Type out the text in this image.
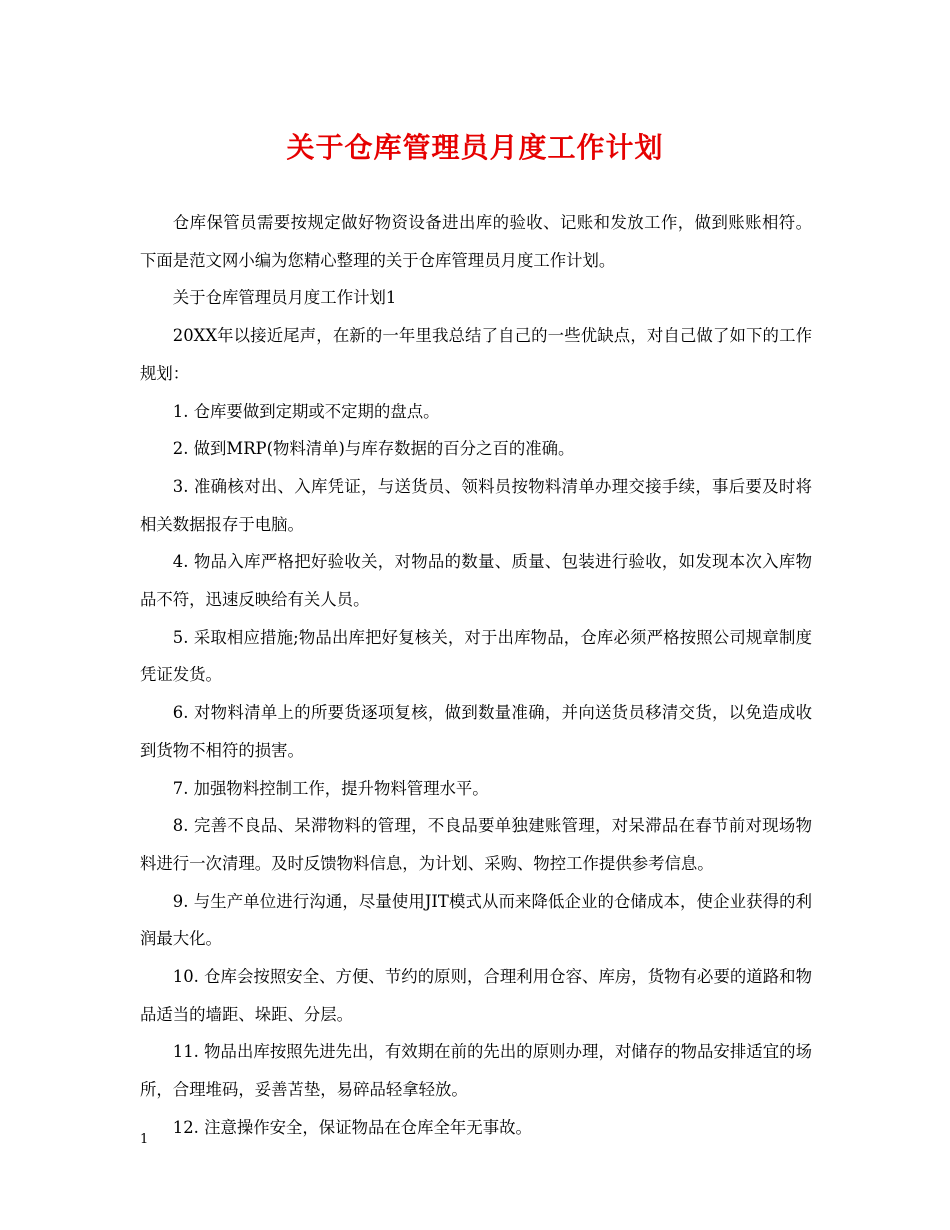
关于仓库管理员月度工作计划

仓库保管员需要按规定做好物资设备进出库的验收、记账和发放工作，做到账账相符。下面是范文网小编为您精心整理的关于仓库管理员月度工作计划。

关于仓库管理员月度工作计划1

20XX年以接近尾声，在新的一年里我总结了自己的一些优缺点，对自己做了如下的工作规划：

1. 仓库要做到定期或不定期的盘点。

2. 做到MRP(物料清单)与库存数据的百分之百的准确。

3. 准确核对出、入库凭证，与送货员、领料员按物料清单办理交接手续，事后要及时将相关数据报存于电脑。

4. 物品入库严格把好验收关，对物品的数量、质量、包装进行验收，如发现本次入库物品不符，迅速反映给有关人员。

5. 采取相应措施;物品出库把好复核关，对于出库物品，仓库必须严格按照公司规章制度凭证发货。

6. 对物料清单上的所要货逐项复核，做到数量准确，并向送货员移清交货，以免造成收到货物不相符的损害。

7. 加强物料控制工作，提升物料管理水平。

8. 完善不良品、呆滞物料的管理，不良品要单独建账管理，对呆滞品在春节前对现场物料进行一次清理。及时反馈物料信息，为计划、采购、物控工作提供参考信息。

9. 与生产单位进行沟通，尽量使用JIT模式从而来降低企业的仓储成本，使企业获得的利润最大化。

10. 仓库会按照安全、方便、节约的原则，合理利用仓容、库房，货物有必要的道路和物品适当的墙距、垛距、分层。

11. 物品出库按照先进先出，有效期在前的先出的原则办理，对储存的物品安排适宜的场所，合理堆码，妥善苫垫，易碎品轻拿轻放。

12. 注意操作安全，保证物品在仓库全年无事故。

1
